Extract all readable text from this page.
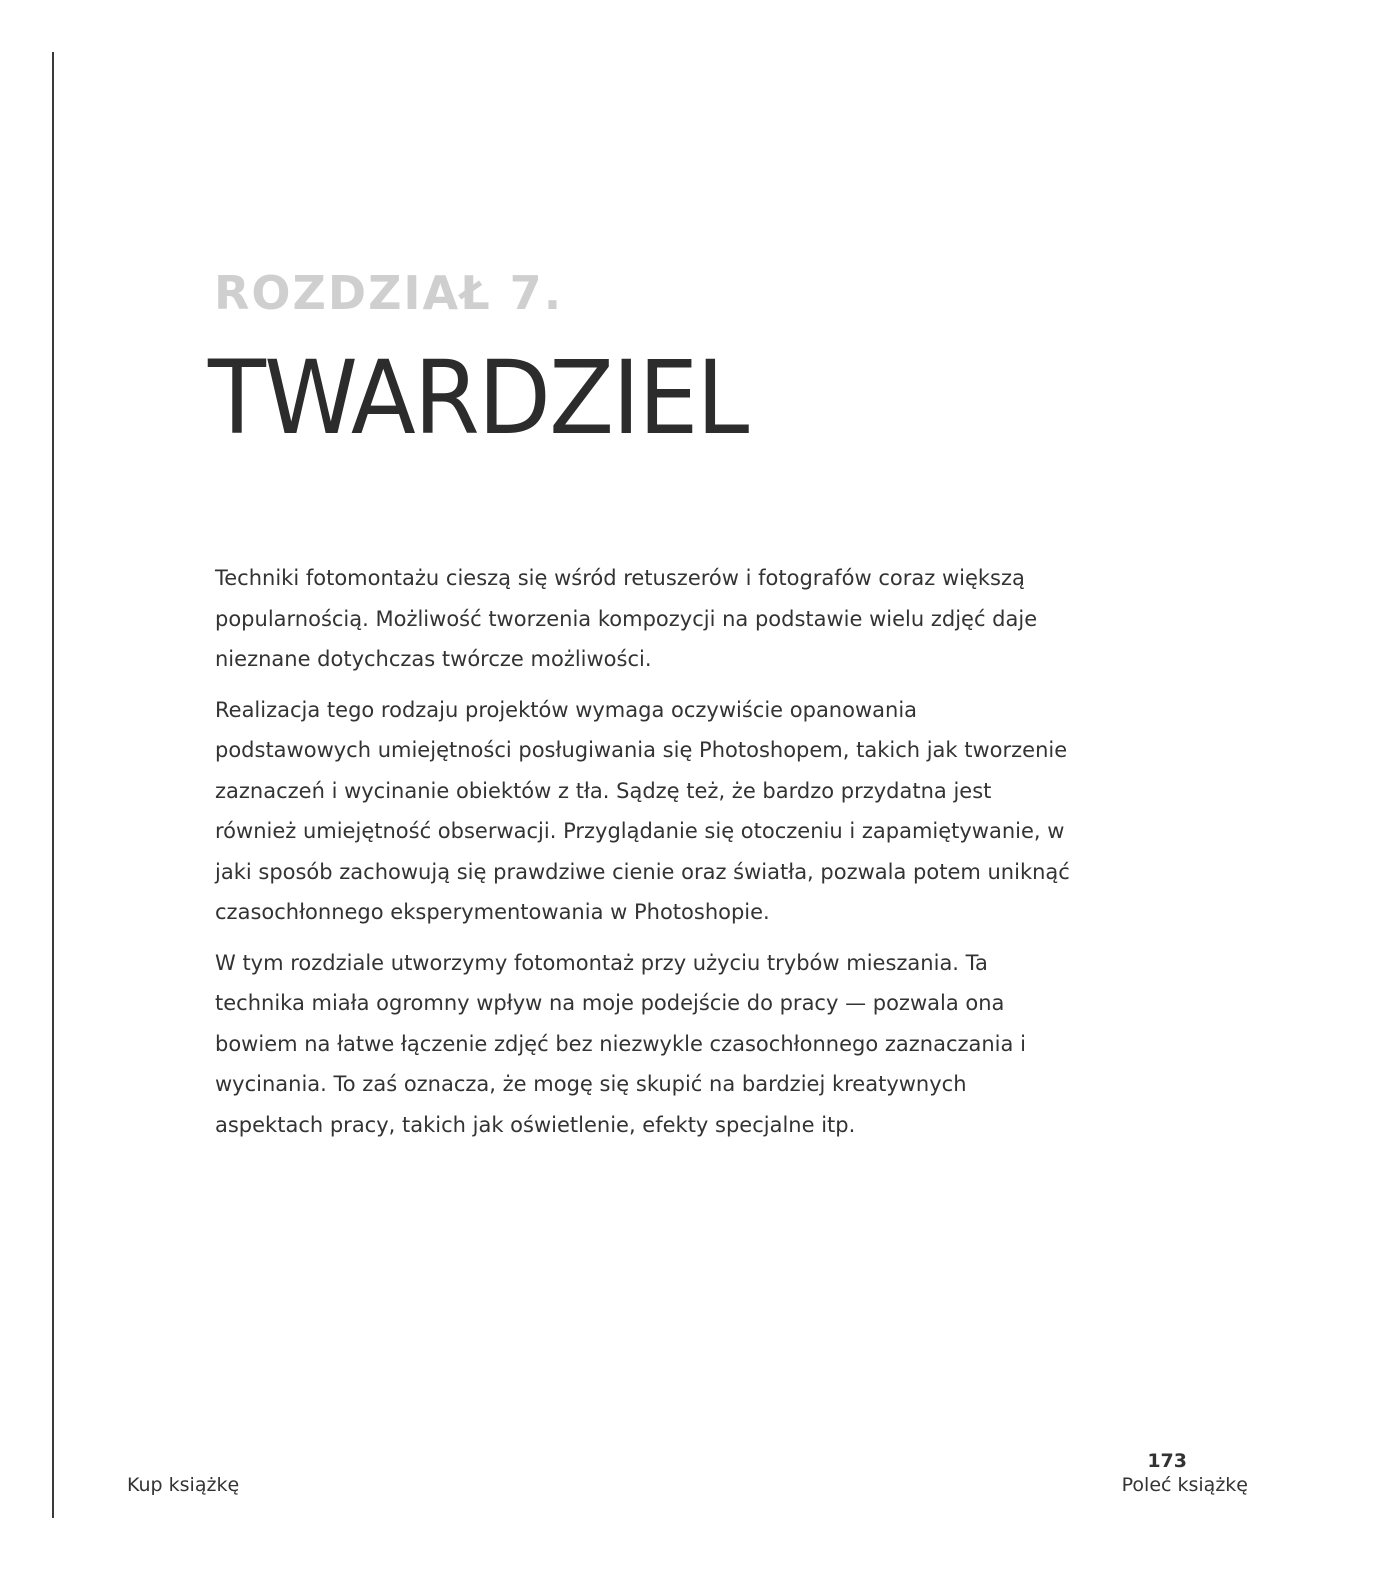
ROZDZIAŁ 7.
TWARDZIEL

Techniki fotomontażu cieszą się wśród retuszerów i fotografów coraz większą popularnością. Możliwość tworzenia kompozycji na podstawie wielu zdjęć daje nieznane dotychczas twórcze możliwości.

Realizacja tego rodzaju projektów wymaga oczywiście opanowania podstawowych umiejętności posługiwania się Photoshopem, takich jak tworzenie zaznaczeń i wycinanie obiektów z tła. Sądzę też, że bardzo przydatna jest również umiejętność obserwacji. Przyglądanie się otoczeniu i zapamiętywanie, w jaki sposób zachowują się prawdziwe cienie oraz światła, pozwala potem uniknąć czasochłonnego eksperymentowania w Photoshopie.

W tym rozdziale utworzymy fotomontaż przy użyciu trybów mieszania. Ta technika miała ogromny wpływ na moje podejście do pracy — pozwala ona bowiem na łatwe łączenie zdjęć bez niezwykle czasochłonnego zaznaczania i wycinania. To zaś oznacza, że mogę się skupić na bardziej kreatywnych aspektach pracy, takich jak oświetlenie, efekty specjalne itp.

173
Kup książkę	Poleć książkę
